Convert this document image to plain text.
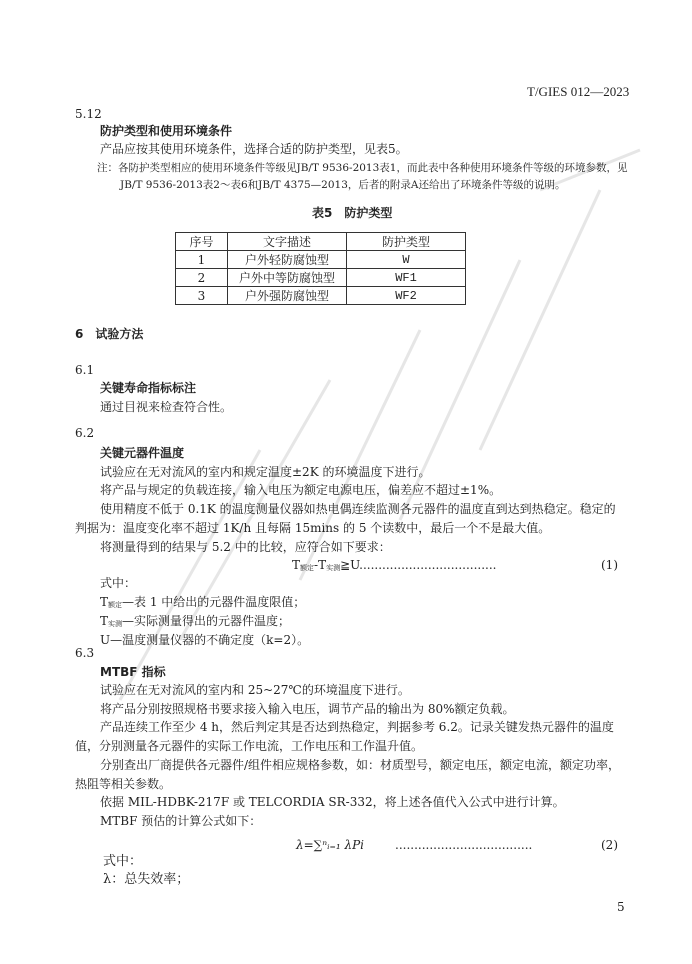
T/GIES 012—2023
5.12
防护类型和使用环境条件
产品应按其使用环境条件，选择合适的防护类型，见表5。
注：各防护类型相应的使用环境条件等级见JB/T 9536-2013表1，而此表中各种使用环境条件等级的环境参数，见
JB/T 9536-2013表2～表6和JB/T 4375—2013，后者的附录A还给出了环境条件等级的说明。
表5　防护类型
序号	文字描述	防护类型
1	户外轻防腐蚀型	W
2	户外中等防腐蚀型	WF1
3	户外强防腐蚀型	WF2
6　试验方法
6.1
关键寿命指标标注
通过目视来检查符合性。
6.2
关键元器件温度
试验应在无对流风的室内和规定温度±2K 的环境温度下进行。
将产品与规定的负载连接，输入电压为额定电源电压，偏差应不超过±1%。
使用精度不低于 0.1K 的温度测量仪器如热电偶连续监测各元器件的温度直到达到热稳定。稳定的
判据为：温度变化率不超过 1K/h 且每隔 15mins 的 5 个读数中，最后一个不是最大值。
将测量得到的结果与 5.2 中的比较，应符合如下要求：
$T_{额定}-T_{实测}≧U$....................................	(1)
式中：
$T_{额定}—$表 1 中给出的元器件温度限值；
$T_{实测}—$实际测量得出的元器件温度；
U—温度测量仪器的不确定度（k=2）。
6.3
MTBF 指标
试验应在无对流风的室内和 25~27℃的环境温度下进行。
将产品分别按照规格书要求接入输入电压，调节产品的输出为 80%额定负载。
产品连续工作至少 4 h，然后判定其是否达到热稳定，判据参考 6.2。记录关键发热元器件的温度
值，分别测量各元器件的实际工作电流，工作电压和工作温升值。
分别查出厂商提供各元器件/组件相应规格参数，如：材质型号，额定电压，额定电流，额定功率，
热阻等相关参数。
依据 MIL-HDBK-217F 或 TELCORDIA SR-332，将上述各值代入公式中进行计算。
MTBF 预估的计算公式如下：
λ=∑ⁿᵢ₌₁ λPi	....................................	(2)
式中：
λ：总失效率；
5
